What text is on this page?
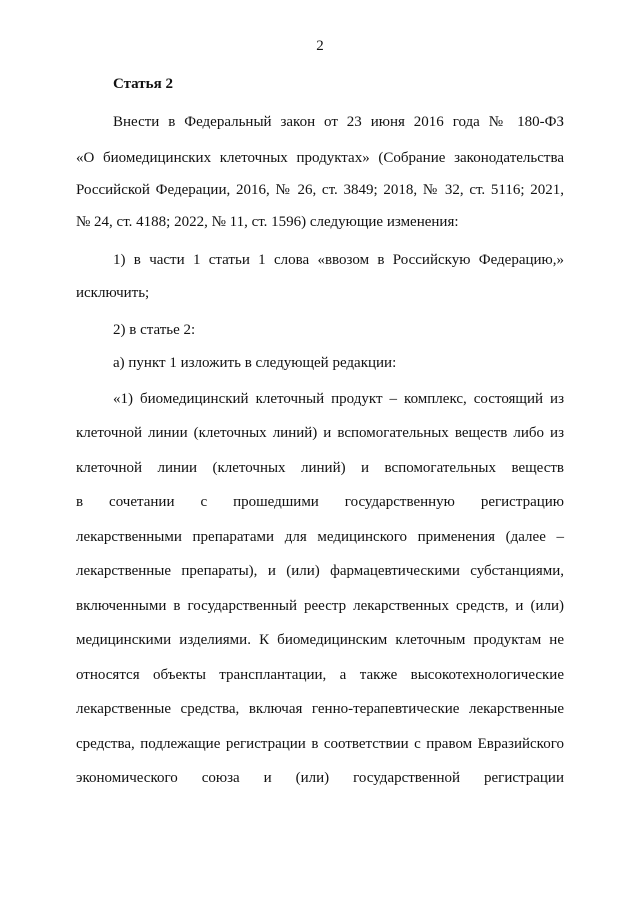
2
Статья 2
Внести в Федеральный закон от 23 июня 2016 года № 180-ФЗ
«О биомедицинских клеточных продуктах» (Собрание законодательства
Российской Федерации, 2016, № 26, ст. 3849; 2018, № 32, ст. 5116; 2021,
№ 24, ст. 4188; 2022, № 11, ст. 1596) следующие изменения:
1) в части 1 статьи 1 слова «ввозом в Российскую Федерацию,»
исключить;
2) в статье 2:
а) пункт 1 изложить в следующей редакции:
«1) биомедицинский клеточный продукт – комплекс, состоящий из
клеточной линии (клеточных линий) и вспомогательных веществ либо из
клеточной линии (клеточных линий) и вспомогательных веществ
в сочетании с прошедшими государственную регистрацию
лекарственными препаратами для медицинского применения (далее –
лекарственные препараты), и (или) фармацевтическими субстанциями,
включенными в государственный реестр лекарственных средств, и (или)
медицинскими изделиями. К биомедицинским клеточным продуктам не
относятся объекты трансплантации, а также высокотехнологические
лекарственные средства, включая генно-терапевтические лекарственные
средства, подлежащие регистрации в соответствии с правом Евразийского
экономического союза и (или) государственной регистрации
